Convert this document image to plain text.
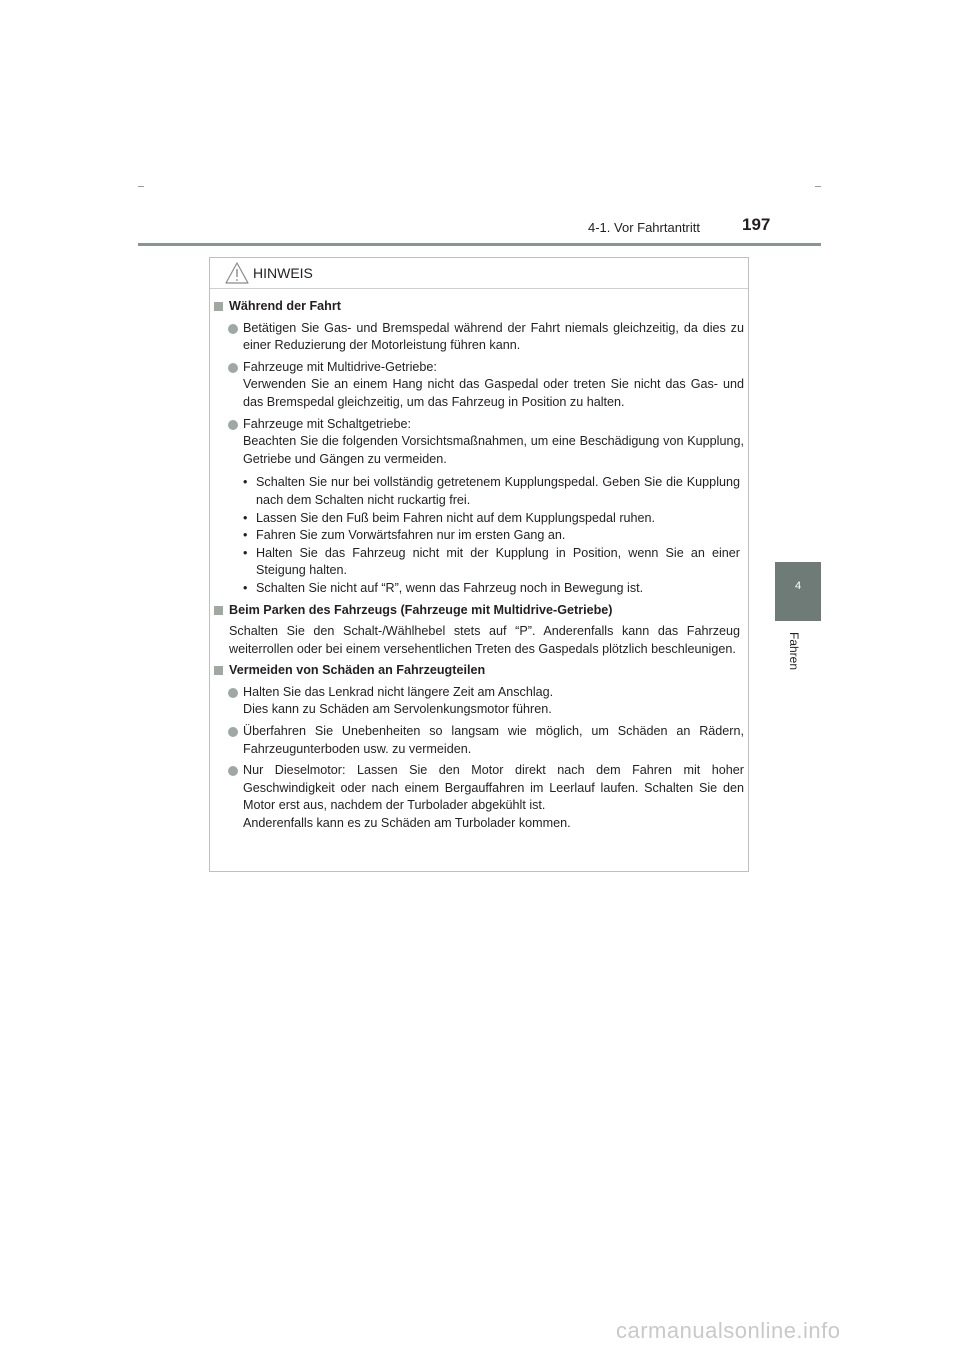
4-1. Vor Fahrtantritt 197
4
Fahren
HINWEIS
Während der Fahrt
Betätigen Sie Gas- und Bremspedal während der Fahrt niemals gleichzeitig, da dies zu einer Reduzierung der Motorleistung führen kann.
Fahrzeuge mit Multidrive-Getriebe:
Verwenden Sie an einem Hang nicht das Gaspedal oder treten Sie nicht das Gas- und das Bremspedal gleichzeitig, um das Fahrzeug in Position zu halten.
Fahrzeuge mit Schaltgetriebe:
Beachten Sie die folgenden Vorsichtsmaßnahmen, um eine Beschädigung von Kupplung, Getriebe und Gängen zu vermeiden.
• Schalten Sie nur bei vollständig getretenem Kupplungspedal. Geben Sie die Kupplung nach dem Schalten nicht ruckartig frei.
• Lassen Sie den Fuß beim Fahren nicht auf dem Kupplungspedal ruhen.
• Fahren Sie zum Vorwärtsfahren nur im ersten Gang an.
• Halten Sie das Fahrzeug nicht mit der Kupplung in Position, wenn Sie an einer Steigung halten.
• Schalten Sie nicht auf “R”, wenn das Fahrzeug noch in Bewegung ist.
Beim Parken des Fahrzeugs (Fahrzeuge mit Multidrive-Getriebe)
Schalten Sie den Schalt-/Wählhebel stets auf “P”. Anderenfalls kann das Fahrzeug weiterrollen oder bei einem versehentlichen Treten des Gaspedals plötzlich beschleunigen.
Vermeiden von Schäden an Fahrzeugteilen
Halten Sie das Lenkrad nicht längere Zeit am Anschlag.
Dies kann zu Schäden am Servolenkungsmotor führen.
Überfahren Sie Unebenheiten so langsam wie möglich, um Schäden an Rädern, Fahrzeugunterboden usw. zu vermeiden.
Nur Dieselmotor: Lassen Sie den Motor direkt nach dem Fahren mit hoher Geschwindigkeit oder nach einem Bergauffahren im Leerlauf laufen. Schalten Sie den Motor erst aus, nachdem der Turbolader abgekühlt ist.
Anderenfalls kann es zu Schäden am Turbolader kommen.
carmanualsonline.info
